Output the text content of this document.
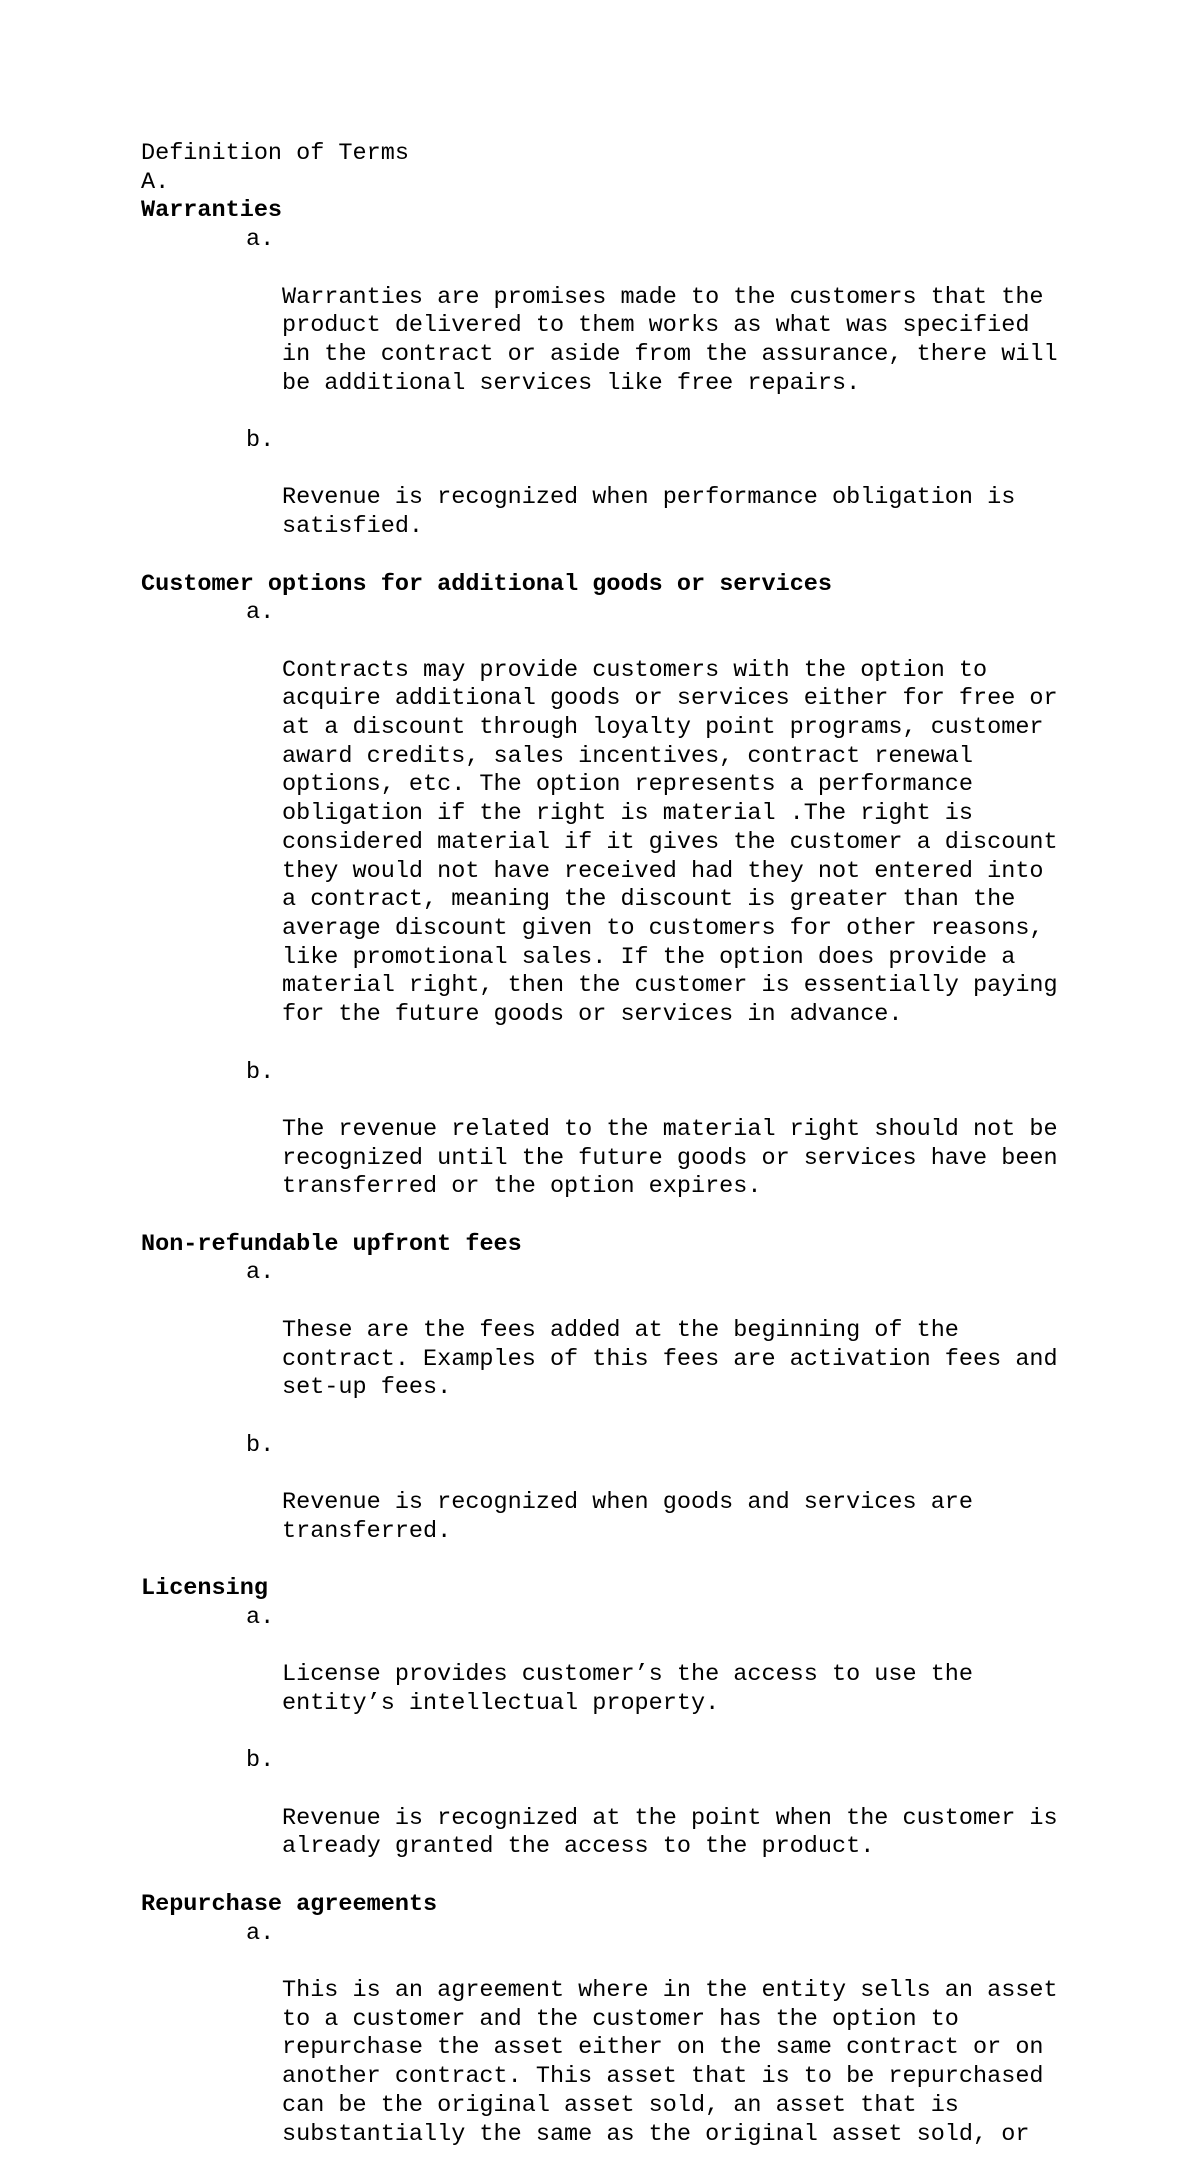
Definition of Terms
A.
Warranties

a.

Warranties are promises made to the customers that the
product delivered to them works as what was specified
in the contract or aside from the assurance, there will
be additional services like free repairs.

b.

Revenue is recognized when performance obligation is
satisfied.

Customer options for additional goods or services

a.

Contracts may provide customers with the option to
acquire additional goods or services either for free or
at a discount through loyalty point programs, customer
award credits, sales incentives, contract renewal
options, etc. The option represents a performance
obligation if the right is material .The right is
considered material if it gives the customer a discount
they would not have received had they not entered into
a contract, meaning the discount is greater than the
average discount given to customers for other reasons,
like promotional sales. If the option does provide a
material right, then the customer is essentially paying
for the future goods or services in advance.

b.

The revenue related to the material right should not be
recognized until the future goods or services have been
transferred or the option expires.

Non-refundable upfront fees

a.

These are the fees added at the beginning of the
contract. Examples of this fees are activation fees and
set-up fees.

b.

Revenue is recognized when goods and services are
transferred.

Licensing

a.

License provides customer’s the access to use the
entity’s intellectual property.

b.

Revenue is recognized at the point when the customer is
already granted the access to the product.

Repurchase agreements

a.

This is an agreement where in the entity sells an asset
to a customer and the customer has the option to
repurchase the asset either on the same contract or on
another contract. This asset that is to be repurchased
can be the original asset sold, an asset that is
substantially the same as the original asset sold, or
